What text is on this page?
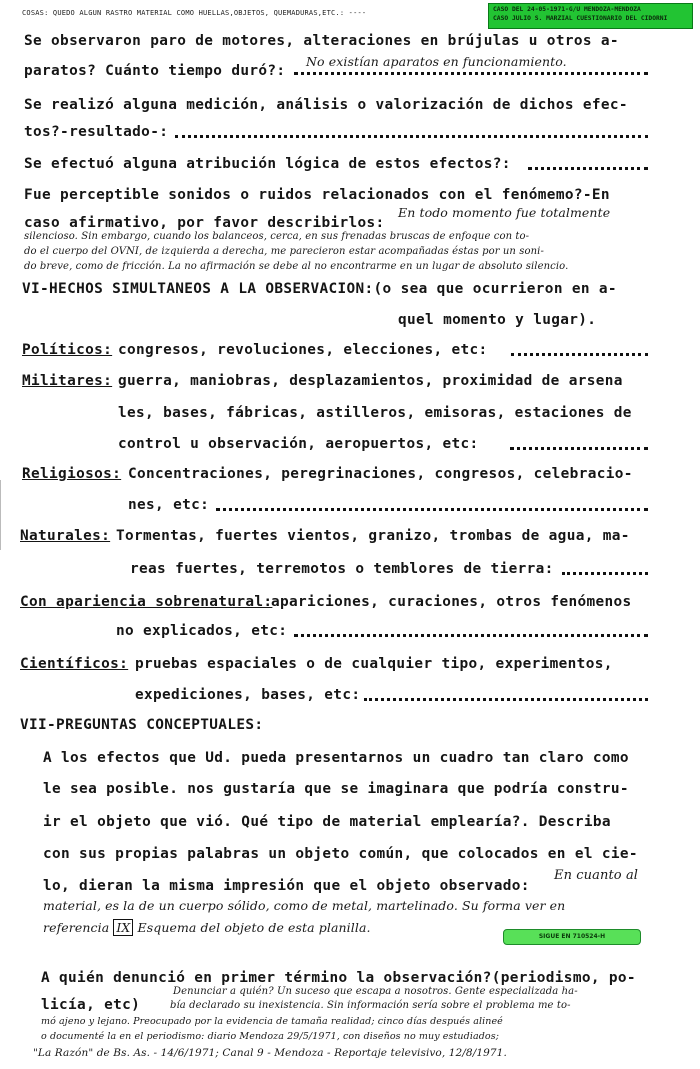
COSAS: QUEDO ALGUN RASTRO MATERIAL COMO HUELLAS,OBJETOS, QUEMADURAS,ETC.: ----	CASO DEL 24-05-1971-G/U MENDOZA-MENDOZA
CASO JULIO S. MARZIAL CUESTIONARIO DEL CIDORNI
Se observaron paro de motores, alteraciones en brújulas u otros a-
paratos? Cuánto tiempo duró?:
No existían aparatos en funcionamiento.
Se realizó alguna medición, análisis o valorización de dichos efec-
tos?-resultado-:
Se efectuó alguna atribución lógica de estos efectos?:
Fue perceptible sonidos o ruidos relacionados con el fenómemo?-En
caso afirmativo, por favor describirlos:
En todo momento fue totalmente
silencioso. Sin embargo, cuando los balanceos, cerca, en sus frenadas bruscas de enfoque con to-
do el cuerpo del OVNI, de izquierda a derecha, me parecieron estar acompañadas éstas por un soni-
do breve, como de fricción. La no afirmación se debe al no encontrarme en un lugar de absoluto silencio.
VI-HECHOS SIMULTANEOS A LA OBSERVACION:(o sea que ocurrieron en a-
quel momento y lugar).
Políticos: congresos, revoluciones, elecciones, etc:
Militares: guerra, maniobras, desplazamientos, proximidad de arsena
les, bases, fábricas, astilleros, emisoras, estaciones de
control u observación, aeropuertos, etc:
Religiosos: Concentraciones, peregrinaciones, congresos, celebracio-
nes, etc:
Naturales: Tormentas, fuertes vientos, granizo, trombas de agua, ma-
reas fuertes, terremotos o temblores de tierra:
Con apariencia sobrenatural:
apariciones, curaciones, otros fenómenos
no explicados, etc:
Científicos: pruebas espaciales o de cualquier tipo, experimentos,
expediciones, bases, etc:
VII-PREGUNTAS CONCEPTUALES:
A los efectos que Ud. pueda presentarnos un cuadro tan claro como
le sea posible. nos gustaría que se imaginara que podría constru-
ir el objeto que vió. Qué tipo de material emplearía?. Describa
con sus propias palabras un objeto común, que colocados en el cie-
lo, dieran la misma impresión que el objeto observado:
En cuanto al
material, es la de un cuerpo sólido, como de metal, martelinado. Su forma ver en
referencia IX Esquema del objeto de esta planilla.
SIGUE EN 710524-H
A quién denunció en primer término la observación?(periodismo, po-
licía, etc)
Denunciar a quién? Un suceso que escapa a nosotros. Gente especializada ha-
bía declarado su inexistencia. Sin información sería sobre el problema me to-
mó ajeno y lejano. Preocupado por la evidencia de tamaña realidad; cinco días después alineé
o documenté la en el periodismo: diario Mendoza 29/5/1971, con diseños no muy estudiados;
"La Razón" de Bs. As. - 14/6/1971; Canal 9 - Mendoza - Reportaje televisivo, 12/8/1971.
